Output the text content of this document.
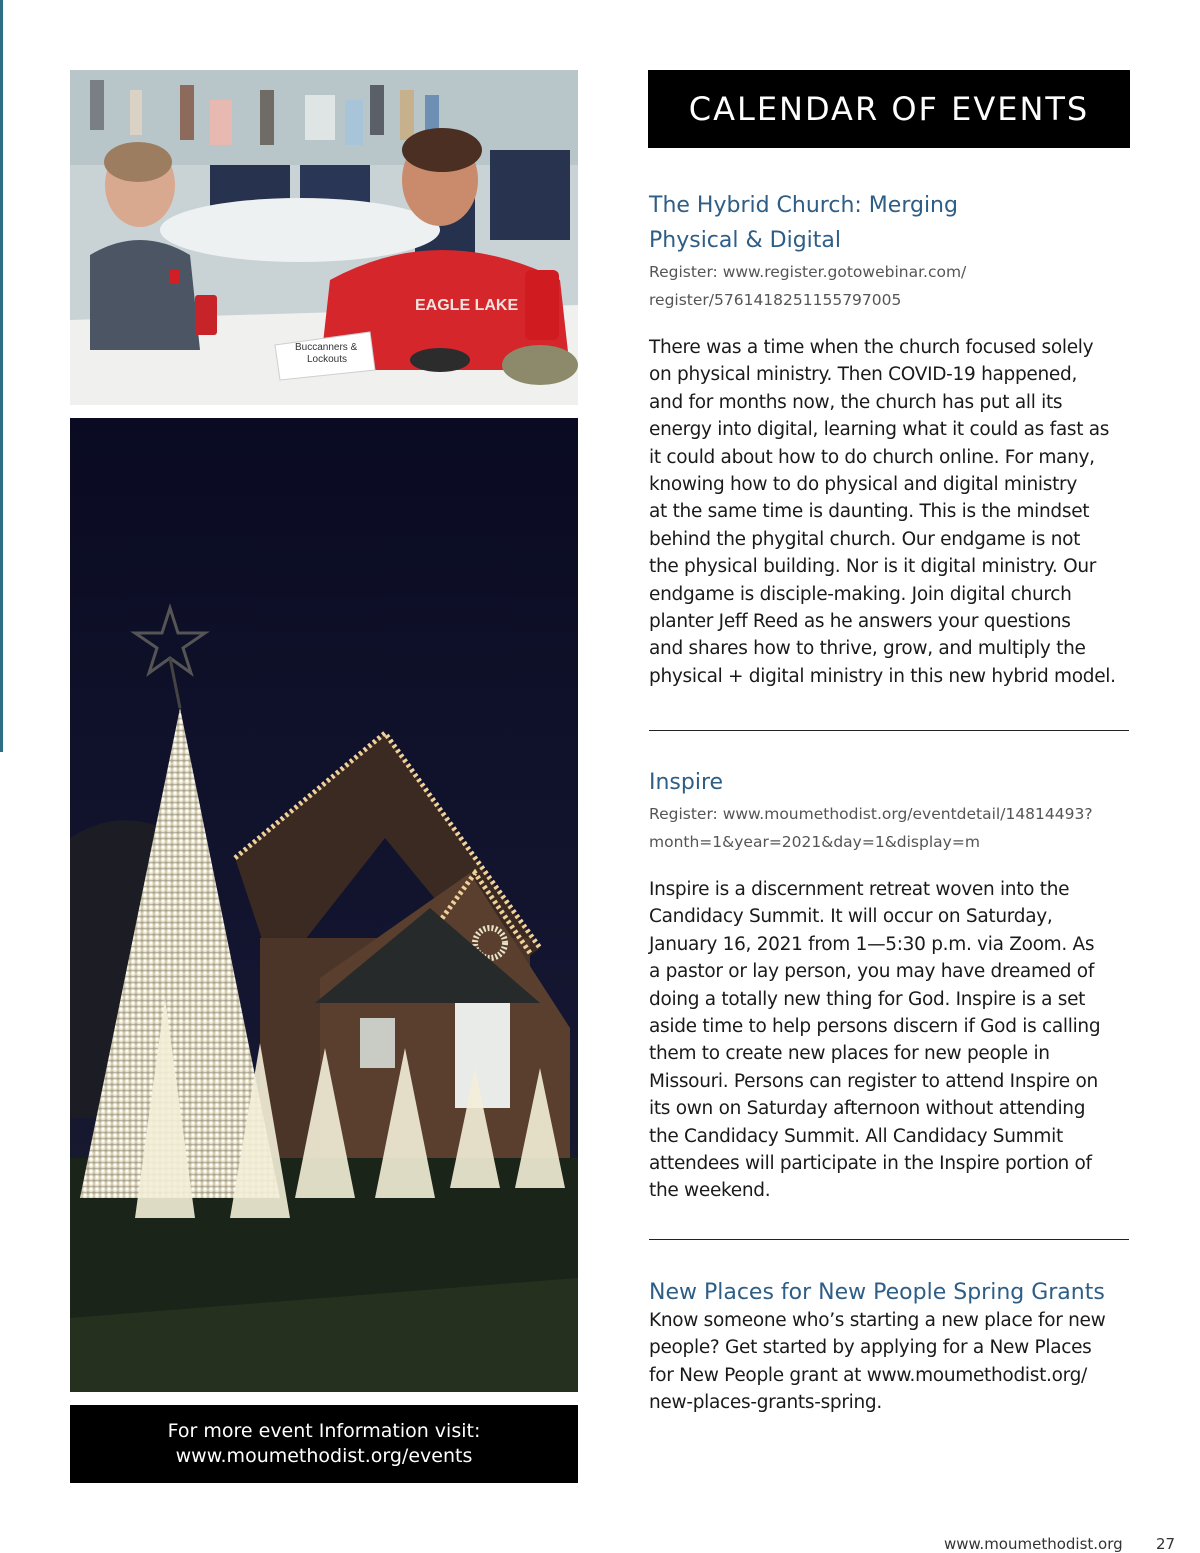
EAGLE LAKE
Buccanners &
Lockouts
For more event Information visit:
www.moumethodist.org/events
CALENDAR OF EVENTS
The Hybrid Church: Merging
Physical & Digital

Register: www.register.gotowebinar.com/

register/5761418251155797005

There was a time when the church focused solely

on physical ministry. Then COVID-19 happened,

and for months now, the church has put all its

energy into digital, learning what it could as fast as

it could about how to do church online. For many,

knowing how to do physical and digital ministry

at the same time is daunting. This is the mindset

behind the phygital church. Our endgame is not

the physical building. Nor is it digital ministry. Our

endgame is disciple-making. Join digital church

planter Jeff Reed as he answers your questions

and shares how to thrive, grow, and multiply the

physical + digital ministry in this new hybrid model.

Inspire

Register: www.moumethodist.org/eventdetail/14814493?

month=1&year=2021&day=1&display=m

Inspire is a discernment retreat woven into the

Candidacy Summit. It will occur on Saturday,

January 16, 2021 from 1—5:30 p.m. via Zoom. As

a pastor or lay person, you may have dreamed of

doing a totally new thing for God. Inspire is a set

aside time to help persons discern if God is calling

them to create new places for new people in

Missouri. Persons can register to attend Inspire on

its own on Saturday afternoon without attending

the Candidacy Summit. All Candidacy Summit

attendees will participate in the Inspire portion of

the weekend.

New Places for New People Spring Grants

Know someone who’s starting a new place for new

people? Get started by applying for a New Places

for New People grant at www.moumethodist.org/

new-places-grants-spring.

www.moumethodist.org 27
